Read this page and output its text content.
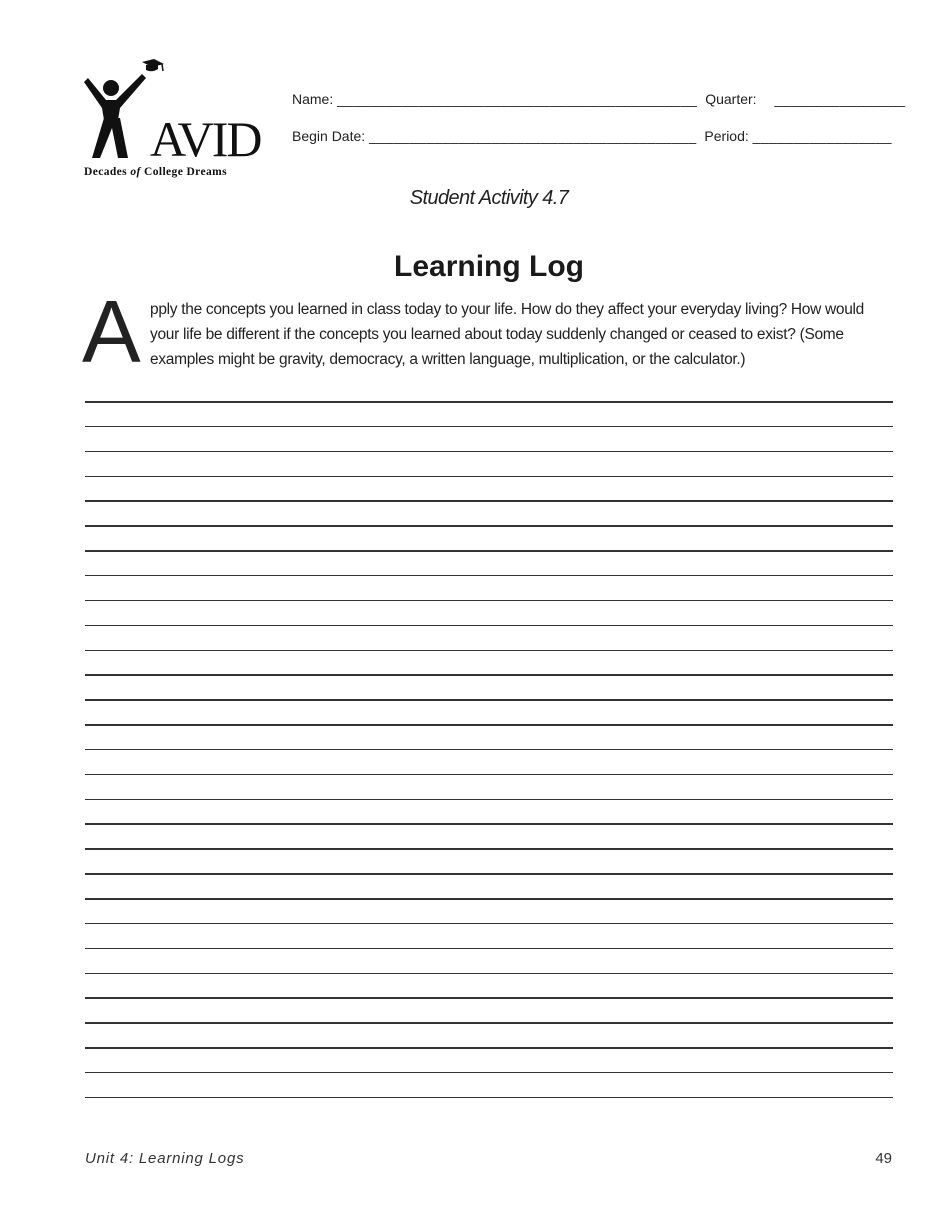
AVID
Decades of College Dreams
Name: ____________________________________________ Quarter: ________________
Begin Date: ________________________________________ Period: _________________
Student Activity 4.7
Learning Log
A pply the concepts you learned in class today to your life. How do they affect your everyday living? How would your life be different if the concepts you learned about today suddenly changed or ceased to exist? (Some examples might be gravity, democracy, a written language, multiplication, or the calculator.)
Unit 4: Learning Logs	49
